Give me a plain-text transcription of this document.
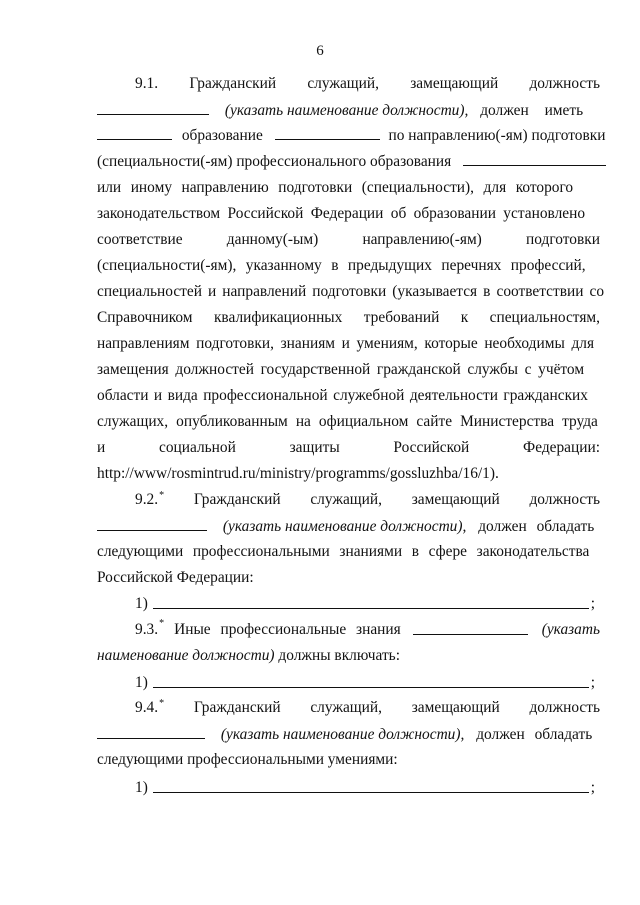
6
9.1. Гражданский служащий, замещающий должность
(указать наименование должности), должен иметь
образование	по направлению(-ям) подготовки
(специальности(-ям) профессионального образования
или иному направлению подготовки (специальности), для которого
законодательством Российской Федерации об образовании установлено
соответствие	данному(-ым)	направлению(-ям)	подготовки
(специальности(-ям), указанному в предыдущих перечнях профессий,
специальностей и направлений подготовки (указывается в соответствии со
Справочником квалификационных требований к специальностям,
направлениям подготовки, знаниям и умениям, которые необходимы для
замещения должностей государственной гражданской службы с учётом
области и вида профессиональной служебной деятельности гражданских
служащих, опубликованным на официальном сайте Министерства труда
и	социальной	защиты	Российской	Федерации:
http://www/rosmintrud.ru/ministry/programms/gossluzhba/16/1).
9.2.* Гражданский служащий, замещающий должность
(указать наименование должности), должен обладать
следующими профессиональными знаниями в сфере законодательства
Российской Федерации:
1)	;
9.3. * Иные профессиональные знания	(указать
наименование должности) должны включать:
1)	;
9.4.* Гражданский служащий, замещающий должность
(указать наименование должности), должен обладать
следующими профессиональными умениями:
1)	;
